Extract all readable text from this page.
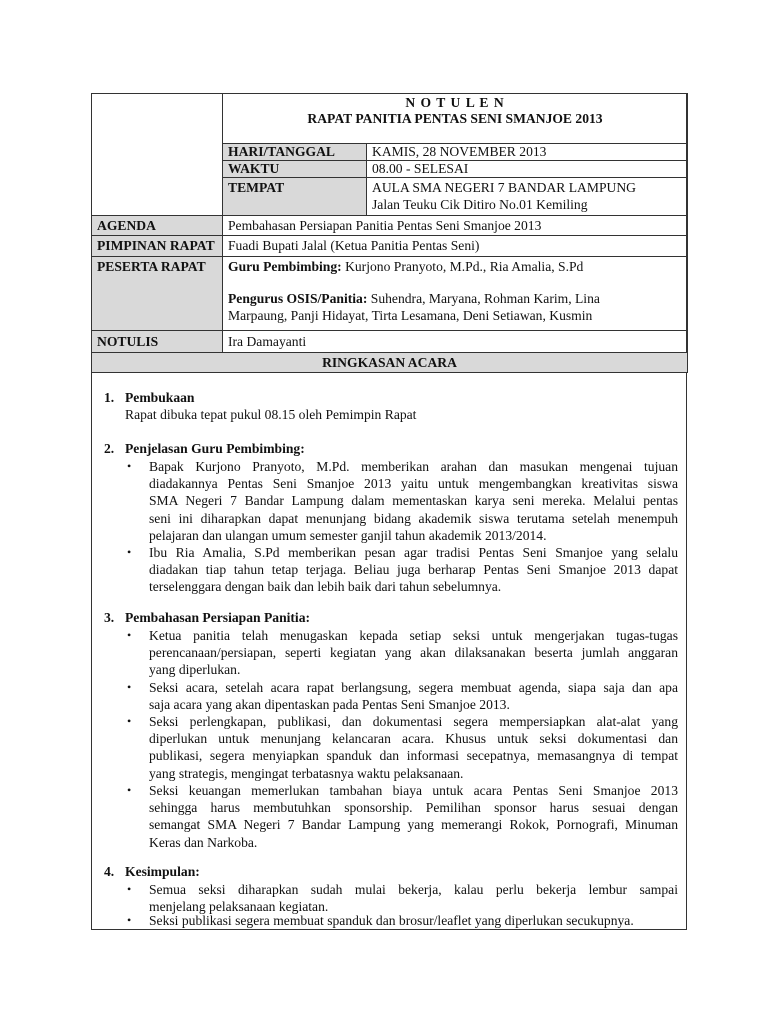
N O T U L E N
RAPAT PANITIA PENTAS SENI SMANJOE 2013
HARI/TANGGAL	KAMIS, 28 NOVEMBER 2013
WAKTU	08.00 - SELESAI
TEMPAT	AULA SMA NEGERI 7 BANDAR LAMPUNG
Jalan Teuku Cik Ditiro No.01 Kemiling
AGENDA	Pembahasan Persiapan Panitia Pentas Seni Smanjoe 2013
PIMPINAN RAPAT Fuadi Bupati Jalal (Ketua Panitia Pentas Seni)
PESERTA RAPAT Guru Pembimbing: Kurjono Pranyoto, M.Pd., Ria Amalia, S.Pd
Pengurus OSIS/Panitia: Suhendra, Maryana, Rohman Karim, Lina
Marpaung, Panji Hidayat, Tirta Lesamana, Deni Setiawan, Kusmin
NOTULIS	Ira Damayanti
RINGKASAN ACARA
1. Pembukaan
Rapat dibuka tepat pukul 08.15 oleh Pemimpin Rapat
2. Penjelasan Guru Pembimbing:
• Bapak Kurjono Pranyoto, M.Pd. memberikan arahan dan masukan mengenai tujuan
diadakannya Pentas Seni Smanjoe 2013 yaitu untuk mengembangkan kreativitas siswa
SMA Negeri 7 Bandar Lampung dalam mementaskan karya seni mereka. Melalui pentas
seni ini diharapkan dapat menunjang bidang akademik siswa terutama setelah menempuh
pelajaran dan ulangan umum semester ganjil tahun akademik 2013/2014.
• Ibu Ria Amalia, S.Pd memberikan pesan agar tradisi Pentas Seni Smanjoe yang selalu
diadakan tiap tahun tetap terjaga. Beliau juga berharap Pentas Seni Smanjoe 2013 dapat
terselenggara dengan baik dan lebih baik dari tahun sebelumnya.
3. Pembahasan Persiapan Panitia:
• Ketua panitia telah menugaskan kepada setiap seksi untuk mengerjakan tugas-tugas
perencanaan/persiapan, seperti kegiatan yang akan dilaksanakan beserta jumlah anggaran
yang diperlukan.
• Seksi acara, setelah acara rapat berlangsung, segera membuat agenda, siapa saja dan apa
saja acara yang akan dipentaskan pada Pentas Seni Smanjoe 2013.
• Seksi perlengkapan, publikasi, dan dokumentasi segera mempersiapkan alat-alat yang
diperlukan untuk menunjang kelancaran acara. Khusus untuk seksi dokumentasi dan
publikasi, segera menyiapkan spanduk dan informasi secepatnya, memasangnya di tempat
yang strategis, mengingat terbatasnya waktu pelaksanaan.
• Seksi keuangan memerlukan tambahan biaya untuk acara Pentas Seni Smanjoe 2013
sehingga harus membutuhkan sponsorship. Pemilihan sponsor harus sesuai dengan
semangat SMA Negeri 7 Bandar Lampung yang memerangi Rokok, Pornografi, Minuman
Keras dan Narkoba.
4. Kesimpulan:
• Semua seksi diharapkan sudah mulai bekerja, kalau perlu bekerja lembur sampai
menjelang pelaksanaan kegiatan.
• Seksi publikasi segera membuat spanduk dan brosur/leaflet yang diperlukan secukupnya.
